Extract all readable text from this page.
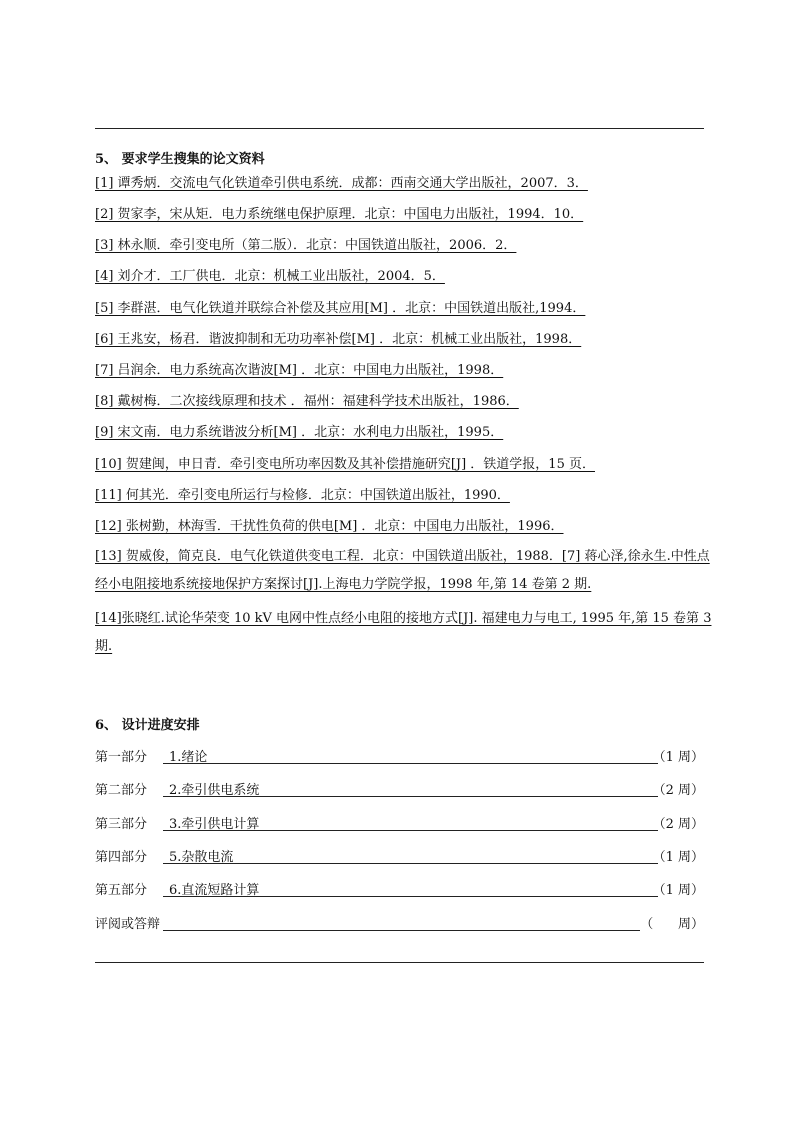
5、 要求学生搜集的论文资料
[1] 谭秀炳．交流电气化铁道牵引供电系统．成都：西南交通大学出版社，2007．3．
[2] 贺家李，宋从矩．电力系统继电保护原理．北京：中国电力出版社，1994．10．
[3] 林永顺．牵引变电所（第二版）．北京：中国铁道出版社，2006．2．
[4] 刘介才．工厂供电．北京：机械工业出版社，2004．5．
[5] 李群湛．电气化铁道并联综合补偿及其应用[M] ．北京：中国铁道出版社,1994．
[6] 王兆安，杨君．谐波抑制和无功功率补偿[M] ．北京：机械工业出版社，1998．
[7] 吕润余．电力系统高次谐波[M] ．北京：中国电力出版社，1998．
[8] 戴树梅．二次接线原理和技术 ．福州：福建科学技术出版社，1986．
[9] 宋文南．电力系统谐波分析[M] ．北京：水利电力出版社，1995．
[10] 贺建闽，申日青．牵引变电所功率因数及其补偿措施研究[J] ．铁道学报，15 页．
[11] 何其光．牵引变电所运行与检修．北京：中国铁道出版社，1990．
[12] 张树勤，林海雪．干扰性负荷的供电[M] ．北京：中国电力出版社，1996．
[13] 贺威俊，简克良．电气化铁道供变电工程．北京：中国铁道出版社，1988．[7] 蒋心泽,徐永生.中性点经小电阻接地系统接地保护方案探讨[J].上海电力学院学报，1998 年,第 14 卷第 2 期.
[14]张晓红.试论华荣变 10 kV 电网中性点经小电阻的接地方式[J]. 福建电力与电工, 1995 年,第 15 卷第 3 期.
6、 设计进度安排
第一部分	1.绪论	（1 周）
第二部分	2.牵引供电系统	（2 周）
第三部分	3.牵引供电计算	（2 周）
第四部分	5.杂散电流	（1 周）
第五部分	6.直流短路计算	（1 周）
评阅或答辩	（      周）
